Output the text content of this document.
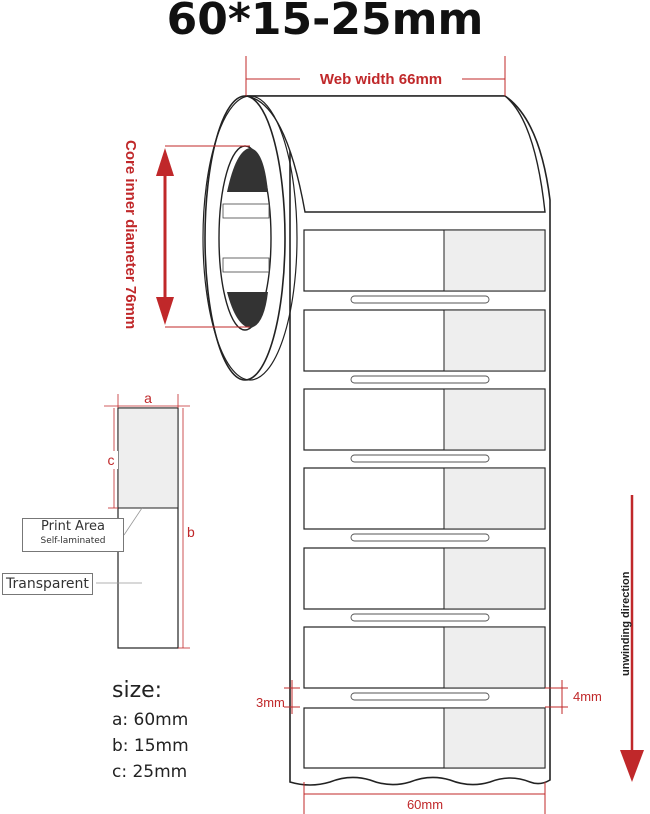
60*15-25mm
Web width 66mm
Core inner diameter 76mm
3mm	4mm
60mm
unwinding direction
a
c
b
Print Area
Self-laminated
Transparent
size:
a: 60mm
b: 15mm
c: 25mm
